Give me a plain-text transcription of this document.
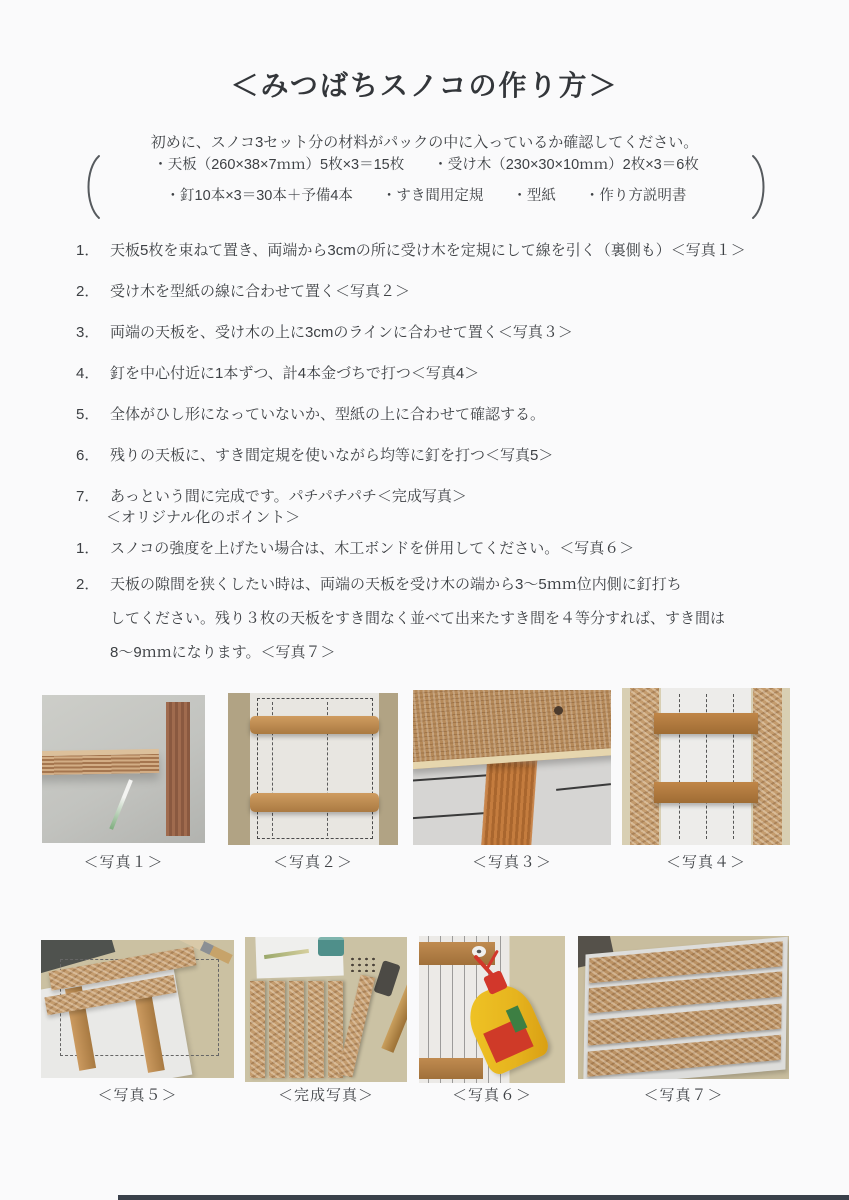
＜みつばちスノコの作り方＞
初めに、スノコ3セット分の材料がパックの中に入っているか確認してください。
・天板（260×38×7ｍｍ）5枚×3＝15枚　　・受け木（230×30×10ｍｍ）2枚×3＝6枚
・釘10本×3＝30本＋予備4本　　・すき間用定規　　・型紙　　・作り方説明書
1． 天板5枚を束ねて置き、両端から3cmの所に受け木を定規にして線を引く（裏側も）＜写真１＞
2． 受け木を型紙の線に合わせて置く＜写真２＞
3． 両端の天板を、受け木の上に3cmのラインに合わせて置く＜写真３＞
4． 釘を中心付近に1本ずつ、計4本金づちで打つ＜写真4＞
5． 全体がひし形になっていないか、型紙の上に合わせて確認する。
6． 残りの天板に、すき間定規を使いながら均等に釘を打つ＜写真5＞
7． あっという間に完成です。パチパチパチ＜完成写真＞
＜オリジナル化のポイント＞
1． スノコの強度を上げたい場合は、木工ボンドを併用してください。＜写真６＞
2． 天板の隙間を狭くしたい時は、両端の天板を受け木の端から3～5ｍｍ位内側に釘打ち
してください。残り３枚の天板をすき間なく並べて出来たすき間を４等分すれば、すき間は
8～9ｍｍになります。＜写真７＞
＜写真１＞	＜写真２＞	＜写真３＞	＜写真４＞
＜写真５＞	＜完成写真＞	＜写真６＞	＜写真７＞
